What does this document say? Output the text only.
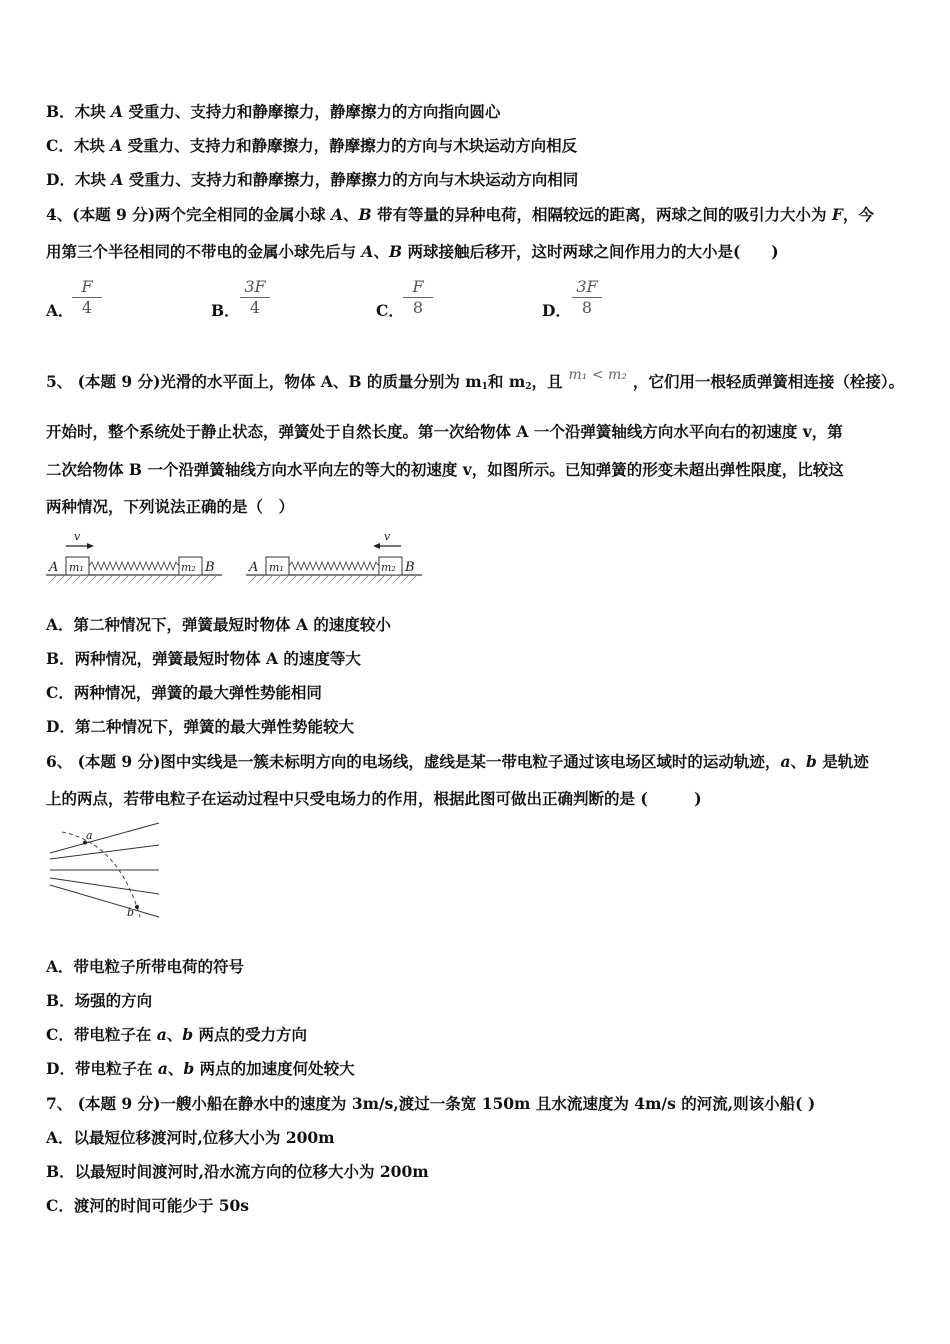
B．木块 A 受重力、支持力和静摩擦力，静摩擦力的方向指向圆心
C．木块 A 受重力、支持力和静摩擦力，静摩擦力的方向与木块运动方向相反
D．木块 A 受重力、支持力和静摩擦力，静摩擦力的方向与木块运动方向相同
4、(本题 9 分)两个完全相同的金属小球 A、B 带有等量的异种电荷，相隔较远的距离，两球之间的吸引力大小为 F，今
用第三个半径相同的不带电的金属小球先后与 A、B 两球接触后移开，这时两球之间作用力的大小是(　　)
A．
$\frac{F}{4}$	B． $\frac{3F}{4}$	C． $\frac{F}{8}$	D． $\frac{3F}{8}$
5、 (本题 9 分)光滑的水平面上，物体 A、B 的质量分别为 $m_1$和 $m_2$，且 m₁ < m₂ ，它们用一根轻质弹簧相连接（栓接）。
开始时，整个系统处于静止状态，弹簧处于自然长度。第一次给物体 A 一个沿弹簧轴线方向水平向右的初速度 v，第
二次给物体 B 一个沿弹簧轴线方向水平向左的等大的初速度 v，如图所示。已知弹簧的形变未超出弹性限度，比较这
两种情况，下列说法正确的是（　）
A m₁	m₂ B
v
A m₁	m₂ B
v
A．第二种情况下，弹簧最短时物体 A 的速度较小
B．两种情况，弹簧最短时物体 A 的速度等大
C．两种情况，弹簧的最大弹性势能相同
D．第二种情况下，弹簧的最大弹性势能较大
6、 (本题 9 分)图中实线是一簇未标明方向的电场线，虚线是某一带电粒子通过该电场区域时的运动轨迹，a、b 是轨迹
上的两点，若带电粒子在运动过程中只受电场力的作用，根据此图可做出正确判断的是 (　　　)
a
b
A．带电粒子所带电荷的符号
B．场强的方向
C．带电粒子在 a、b 两点的受力方向
D．带电粒子在 a、b 两点的加速度何处较大
7、 (本题 9 分)一艘小船在静水中的速度为 3m/s,渡过一条宽 150m 且水流速度为 4m/s 的河流,则该小船( )
A．以最短位移渡河时,位移大小为 200m
B．以最短时间渡河时,沿水流方向的位移大小为 200m
C．渡河的时间可能少于 50s
